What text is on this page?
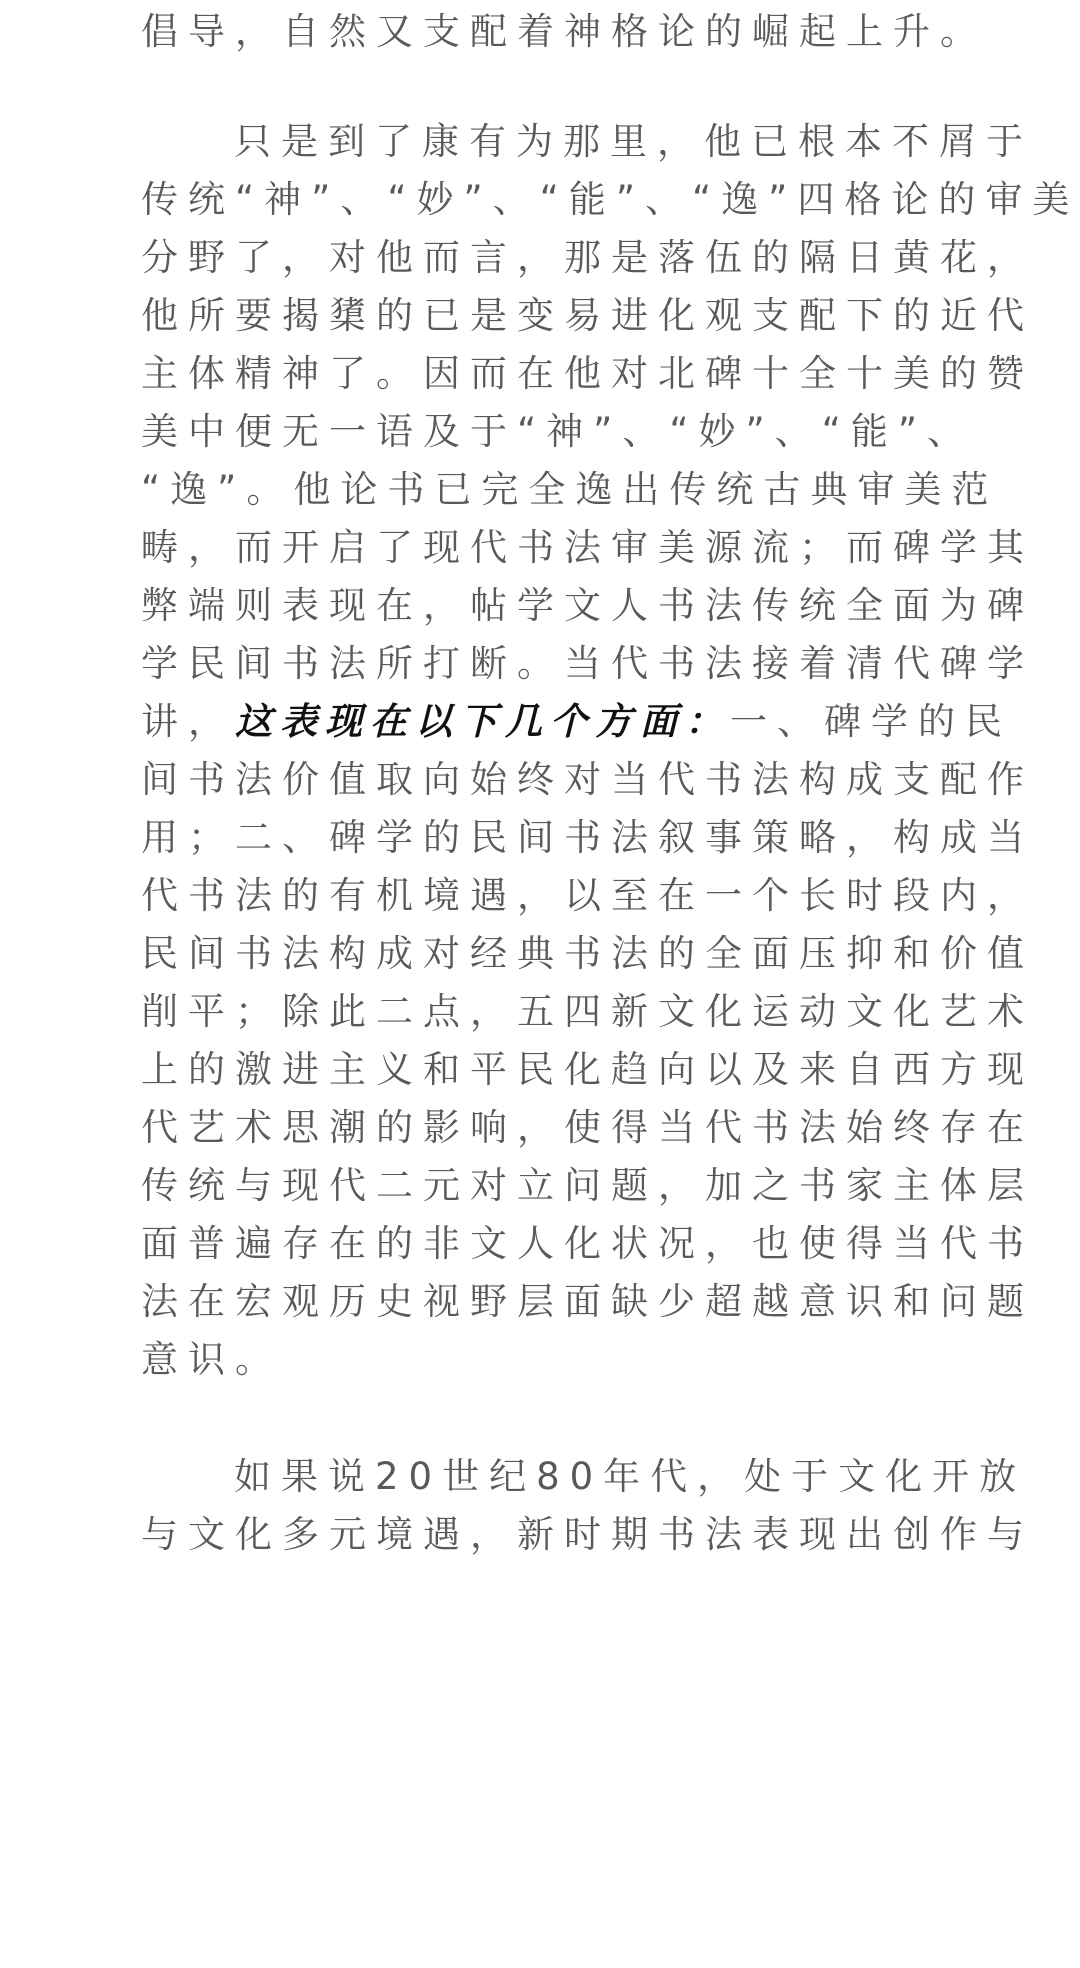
倡导，自然又支配着神格论的崛起上升。
只是到了康有为那里，他已根本不屑于
传统“神”、“妙”、“能”、“逸”四格论的审美
分野了，对他而言，那是落伍的隔日黄花，
他所要揭橥的已是变易进化观支配下的近代
主体精神了。因而在他对北碑十全十美的赞
美中便无一语及于“神”、“妙”、“能”、
“逸”。他论书已完全逸出传统古典审美范
畴，而开启了现代书法审美源流；而碑学其
弊端则表现在，帖学文人书法传统全面为碑
学民间书法所打断。当代书法接着清代碑学
讲，这表现在以下几个方面：一、碑学的民
间书法价值取向始终对当代书法构成支配作
用；二、碑学的民间书法叙事策略，构成当
代书法的有机境遇，以至在一个长时段内，
民间书法构成对经典书法的全面压抑和价值
削平；除此二点，五四新文化运动文化艺术
上的激进主义和平民化趋向以及来自西方现
代艺术思潮的影响，使得当代书法始终存在
传统与现代二元对立问题，加之书家主体层
面普遍存在的非文人化状况，也使得当代书
法在宏观历史视野层面缺少超越意识和问题
意识。
如果说20世纪80年代，处于文化开放
与文化多元境遇，新时期书法表现出创作与
